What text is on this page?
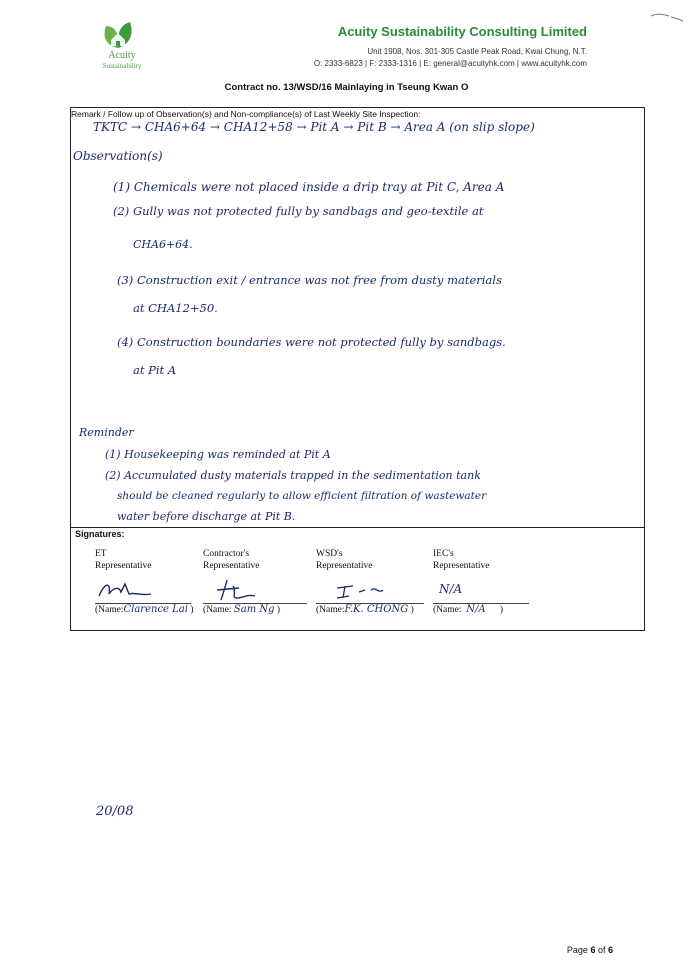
Acuity
Sustainability
Acuity Sustainability Consulting Limited
Unit 1908, Nos. 301-305 Castle Peak Road, Kwai Chung, N.T.
O: 2333-6823 | F: 2333-1316 | E: general@acuityhk.com | www.acuityhk.com
Contract no. 13/WSD/16 Mainlaying in Tseung Kwan O
Remark / Follow up of Observation(s) and Non-compliance(s) of Last Weekly Site Inspection:
TKTC → CHA6+64 → CHA12+58 → Pit A → Pit B → Area A (on slip slope)
Observation(s)
(1) Chemicals were not placed inside a drip tray at Pit C, Area A
(2) Gully was not protected fully by sandbags and geo-textile at
CHA6+64.
(3) Construction exit / entrance was not free from dusty materials
at CHA12+50.
(4) Construction boundaries were not protected fully by sandbags.
at Pit A
Reminder
(1) Housekeeping was reminded at Pit A
(2) Accumulated dusty materials trapped in the sedimentation tank
should be cleaned regularly to allow efficient filtration of wastewater
water before discharge at Pit B.
Signatures:
ET
Representative
(Name:Clarence Lai )
Contractor's
Representative
(Name: Sam Ng )
WSD's
Representative
(Name:F.K. CHONG )
IEC's
Representative
N/A
(Name: N/A )
20/08
Page 6 of 6
